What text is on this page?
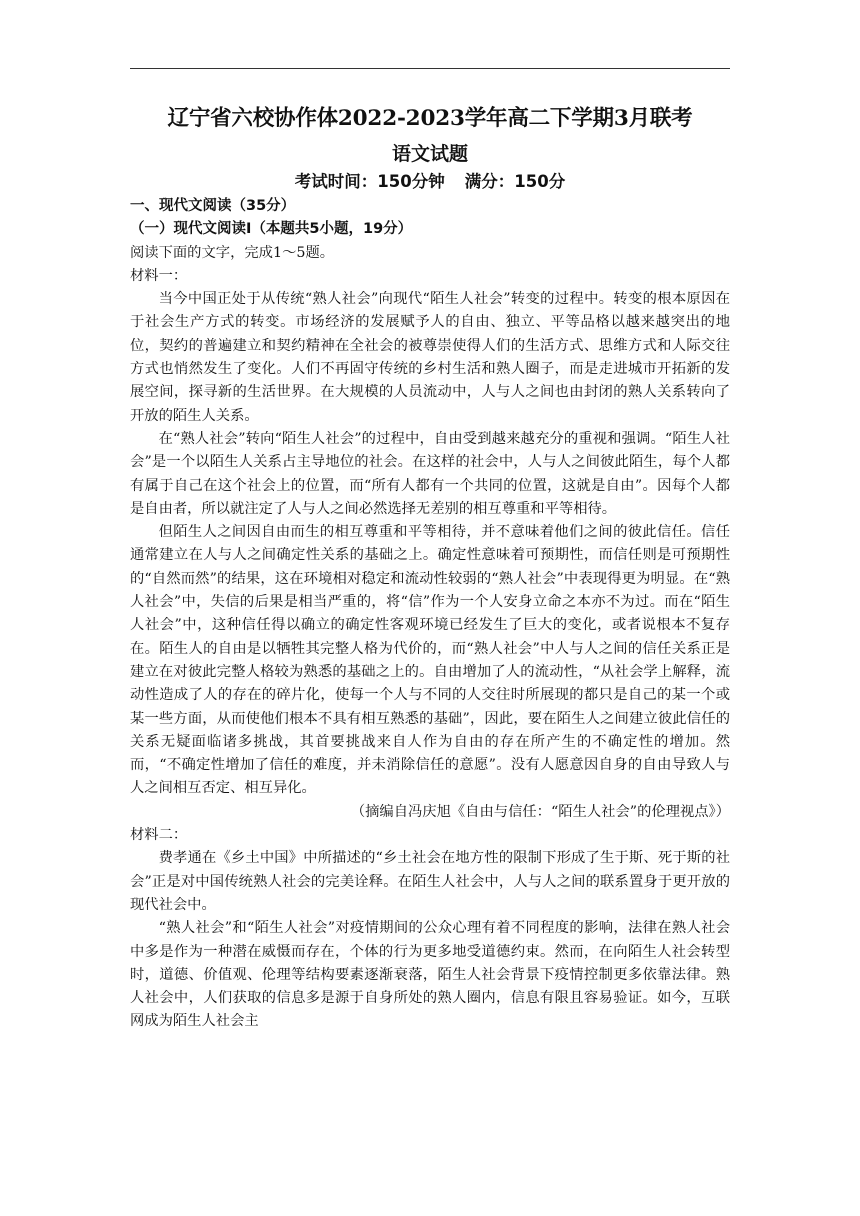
辽宁省六校协作体2022-2023学年高二下学期3月联考
语文试题
考试时间：150分钟 满分：150分

一、现代文阅读（35分）

（一）现代文阅读Ⅰ（本题共5小题，19分）

阅读下面的文字，完成1～5题。

材料一：

当今中国正处于从传统“熟人社会”向现代“陌生人社会”转变的过程中。转变的根本原因在于社会生产方式的转变。市场经济的发展赋予人的自由、独立、平等品格以越来越突出的地位，契约的普遍建立和契约精神在全社会的被尊崇使得人们的生活方式、思维方式和人际交往方式也悄然发生了变化。人们不再固守传统的乡村生活和熟人圈子，而是走进城市开拓新的发展空间，探寻新的生活世界。在大规模的人员流动中，人与人之间也由封闭的熟人关系转向了开放的陌生人关系。

在“熟人社会”转向“陌生人社会”的过程中，自由受到越来越充分的重视和强调。“陌生人社会”是一个以陌生人关系占主导地位的社会。在这样的社会中，人与人之间彼此陌生，每个人都有属于自己在这个社会上的位置，而“所有人都有一个共同的位置，这就是自由”。因每个人都是自由者，所以就注定了人与人之间必然选择无差别的相互尊重和平等相待。

但陌生人之间因自由而生的相互尊重和平等相待，并不意味着他们之间的彼此信任。信任通常建立在人与人之间确定性关系的基础之上。确定性意味着可预期性，而信任则是可预期性的“自然而然”的结果，这在环境相对稳定和流动性较弱的“熟人社会”中表现得更为明显。在“熟人社会”中，失信的后果是相当严重的，将“信”作为一个人安身立命之本亦不为过。而在“陌生人社会”中，这种信任得以确立的确定性客观环境已经发生了巨大的变化，或者说根本不复存在。陌生人的自由是以牺牲其完整人格为代价的，而“熟人社会”中人与人之间的信任关系正是建立在对彼此完整人格较为熟悉的基础之上的。自由增加了人的流动性，“从社会学上解释，流动性造成了人的存在的碎片化，使每一个人与不同的人交往时所展现的都只是自己的某一个或某一些方面，从而使他们根本不具有相互熟悉的基础”，因此，要在陌生人之间建立彼此信任的关系无疑面临诸多挑战，其首要挑战来自人作为自由的存在所产生的不确定性的增加。然而，“不确定性增加了信任的难度，并未消除信任的意愿”。没有人愿意因自身的自由导致人与人之间相互否定、相互异化。

（摘编自冯庆旭《自由与信任：“陌生人社会”的伦理视点》）

材料二：

费孝通在《乡土中国》中所描述的“乡土社会在地方性的限制下形成了生于斯、死于斯的社会”正是对中国传统熟人社会的完美诠释。在陌生人社会中，人与人之间的联系置身于更开放的现代社会中。

“熟人社会”和“陌生人社会”对疫情期间的公众心理有着不同程度的影响，法律在熟人社会中多是作为一种潜在威慑而存在，个体的行为更多地受道德约束。然而，在向陌生人社会转型时，道德、价值观、伦理等结构要素逐渐衰落，陌生人社会背景下疫情控制更多依靠法律。熟人社会中，人们获取的信息多是源于自身所处的熟人圈内，信息有限且容易验证。如今，互联网成为陌生人社会主
